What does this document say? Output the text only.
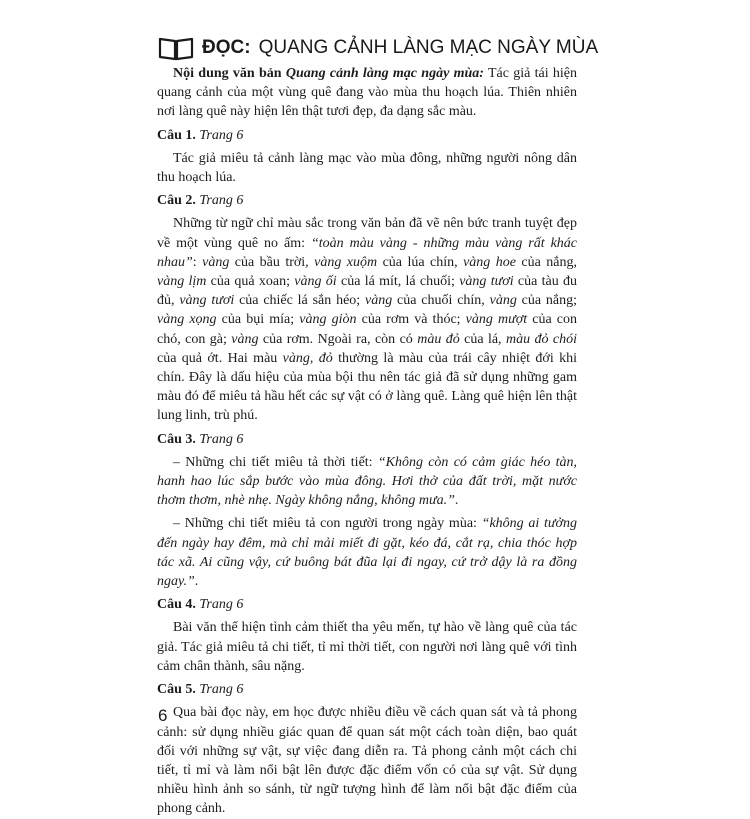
ĐỌC: QUANG CẢNH LÀNG MẠC NGÀY MÙA

Nội dung văn bản Quang cảnh làng mạc ngày mùa: Tác giả tái hiện quang cảnh của một vùng quê đang vào mùa thu hoạch lúa. Thiên nhiên nơi làng quê này hiện lên thật tươi đẹp, đa dạng sắc màu.

Câu 1. Trang 6

Tác giả miêu tả cảnh làng mạc vào mùa đông, những người nông dân thu hoạch lúa.

Câu 2. Trang 6

Những từ ngữ chỉ màu sắc trong văn bản đã vẽ nên bức tranh tuyệt đẹp về một vùng quê no ấm: “toàn màu vàng - những màu vàng rất khác nhau”: vàng của bầu trời, vàng xuộm của lúa chín, vàng hoe của nắng, vàng lịm của quả xoan; vàng ối của lá mít, lá chuối; vàng tươi của tàu đu đủ, vàng tươi của chiếc lá sắn héo; vàng của chuối chín, vàng của nắng; vàng xọng của bụi mía; vàng giòn của rơm và thóc; vàng mượt của con chó, con gà; vàng của rơm. Ngoài ra, còn có màu đỏ của lá, màu đỏ chói của quả ớt. Hai màu vàng, đỏ thường là màu của trái cây nhiệt đới khi chín. Đây là dấu hiệu của mùa bội thu nên tác giả đã sử dụng những gam màu đó để miêu tả hầu hết các sự vật có ở làng quê. Làng quê hiện lên thật lung linh, trù phú.

Câu 3. Trang 6

– Những chi tiết miêu tả thời tiết: “Không còn có cảm giác héo tàn, hanh hao lúc sắp bước vào mùa đông. Hơi thở của đất trời, mặt nước thơm thơm, nhè nhẹ. Ngày không nắng, không mưa.”.

– Những chi tiết miêu tả con người trong ngày mùa: “không ai tưởng đến ngày hay đêm, mà chỉ mải miết đi gặt, kéo đá, cắt rạ, chia thóc hợp tác xã. Ai cũng vậy, cứ buông bát đũa lại đi ngay, cứ trở dậy là ra đồng ngay.”.

Câu 4. Trang 6

Bài văn thể hiện tình cảm thiết tha yêu mến, tự hào về làng quê của tác giả. Tác giả miêu tả chi tiết, tỉ mỉ thời tiết, con người nơi làng quê với tình cảm chân thành, sâu nặng.

Câu 5. Trang 6

Qua bài đọc này, em học được nhiều điều về cách quan sát và tả phong cảnh: sử dụng nhiều giác quan để quan sát một cách toàn diện, bao quát đối với những sự vật, sự việc đang diễn ra. Tả phong cảnh một cách chi tiết, tỉ mỉ và làm nổi bật lên được đặc điểm vốn có của sự vật. Sử dụng nhiều hình ảnh so sánh, từ ngữ tượng hình để làm nổi bật đặc điểm của phong cảnh.

6
